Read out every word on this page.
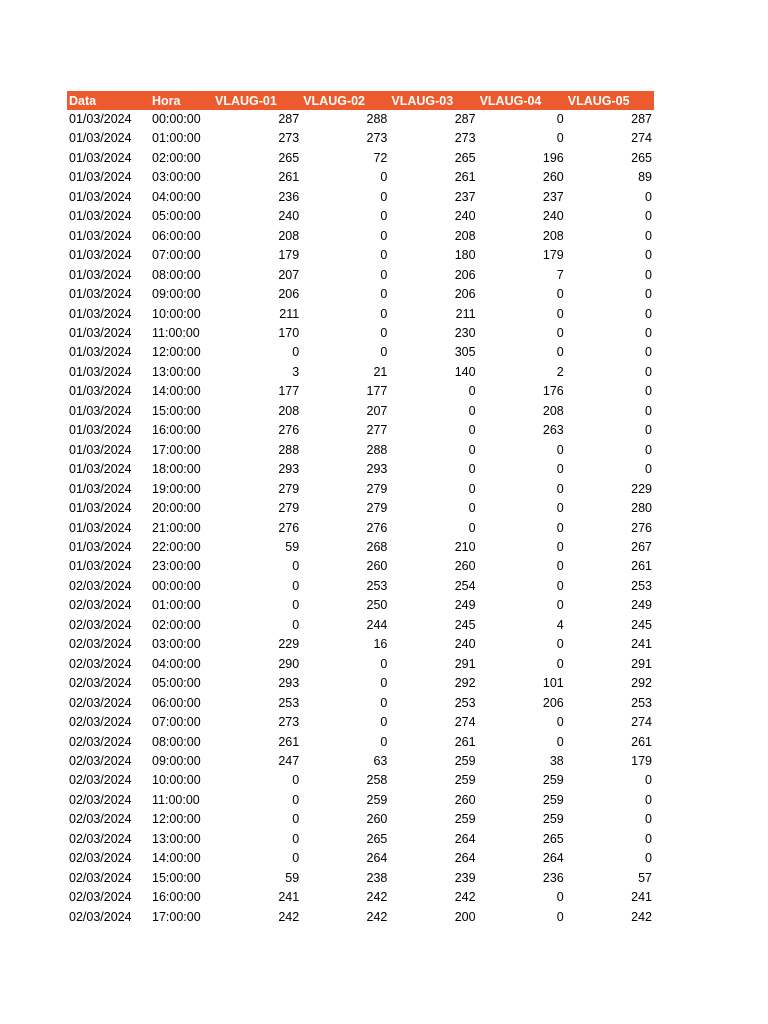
Data	Hora	VLAUG-01	VLAUG-02	VLAUG-03	VLAUG-04	VLAUG-05
01/03/2024	00:00:00	287	288	287	0	287
01/03/2024	01:00:00	273	273	273	0	274
01/03/2024	02:00:00	265	72	265	196	265
01/03/2024	03:00:00	261	0	261	260	89
01/03/2024	04:00:00	236	0	237	237	0
01/03/2024	05:00:00	240	0	240	240	0
01/03/2024	06:00:00	208	0	208	208	0
01/03/2024	07:00:00	179	0	180	179	0
01/03/2024	08:00:00	207	0	206	7	0
01/03/2024	09:00:00	206	0	206	0	0
01/03/2024	10:00:00	211	0	211	0	0
01/03/2024	11:00:00	170	0	230	0	0
01/03/2024	12:00:00	0	0	305	0	0
01/03/2024	13:00:00	3	21	140	2	0
01/03/2024	14:00:00	177	177	0	176	0
01/03/2024	15:00:00	208	207	0	208	0
01/03/2024	16:00:00	276	277	0	263	0
01/03/2024	17:00:00	288	288	0	0	0
01/03/2024	18:00:00	293	293	0	0	0
01/03/2024	19:00:00	279	279	0	0	229
01/03/2024	20:00:00	279	279	0	0	280
01/03/2024	21:00:00	276	276	0	0	276
01/03/2024	22:00:00	59	268	210	0	267
01/03/2024	23:00:00	0	260	260	0	261
02/03/2024	00:00:00	0	253	254	0	253
02/03/2024	01:00:00	0	250	249	0	249
02/03/2024	02:00:00	0	244	245	4	245
02/03/2024	03:00:00	229	16	240	0	241
02/03/2024	04:00:00	290	0	291	0	291
02/03/2024	05:00:00	293	0	292	101	292
02/03/2024	06:00:00	253	0	253	206	253
02/03/2024	07:00:00	273	0	274	0	274
02/03/2024	08:00:00	261	0	261	0	261
02/03/2024	09:00:00	247	63	259	38	179
02/03/2024	10:00:00	0	258	259	259	0
02/03/2024	11:00:00	0	259	260	259	0
02/03/2024	12:00:00	0	260	259	259	0
02/03/2024	13:00:00	0	265	264	265	0
02/03/2024	14:00:00	0	264	264	264	0
02/03/2024	15:00:00	59	238	239	236	57
02/03/2024	16:00:00	241	242	242	0	241
02/03/2024	17:00:00	242	242	200	0	242
